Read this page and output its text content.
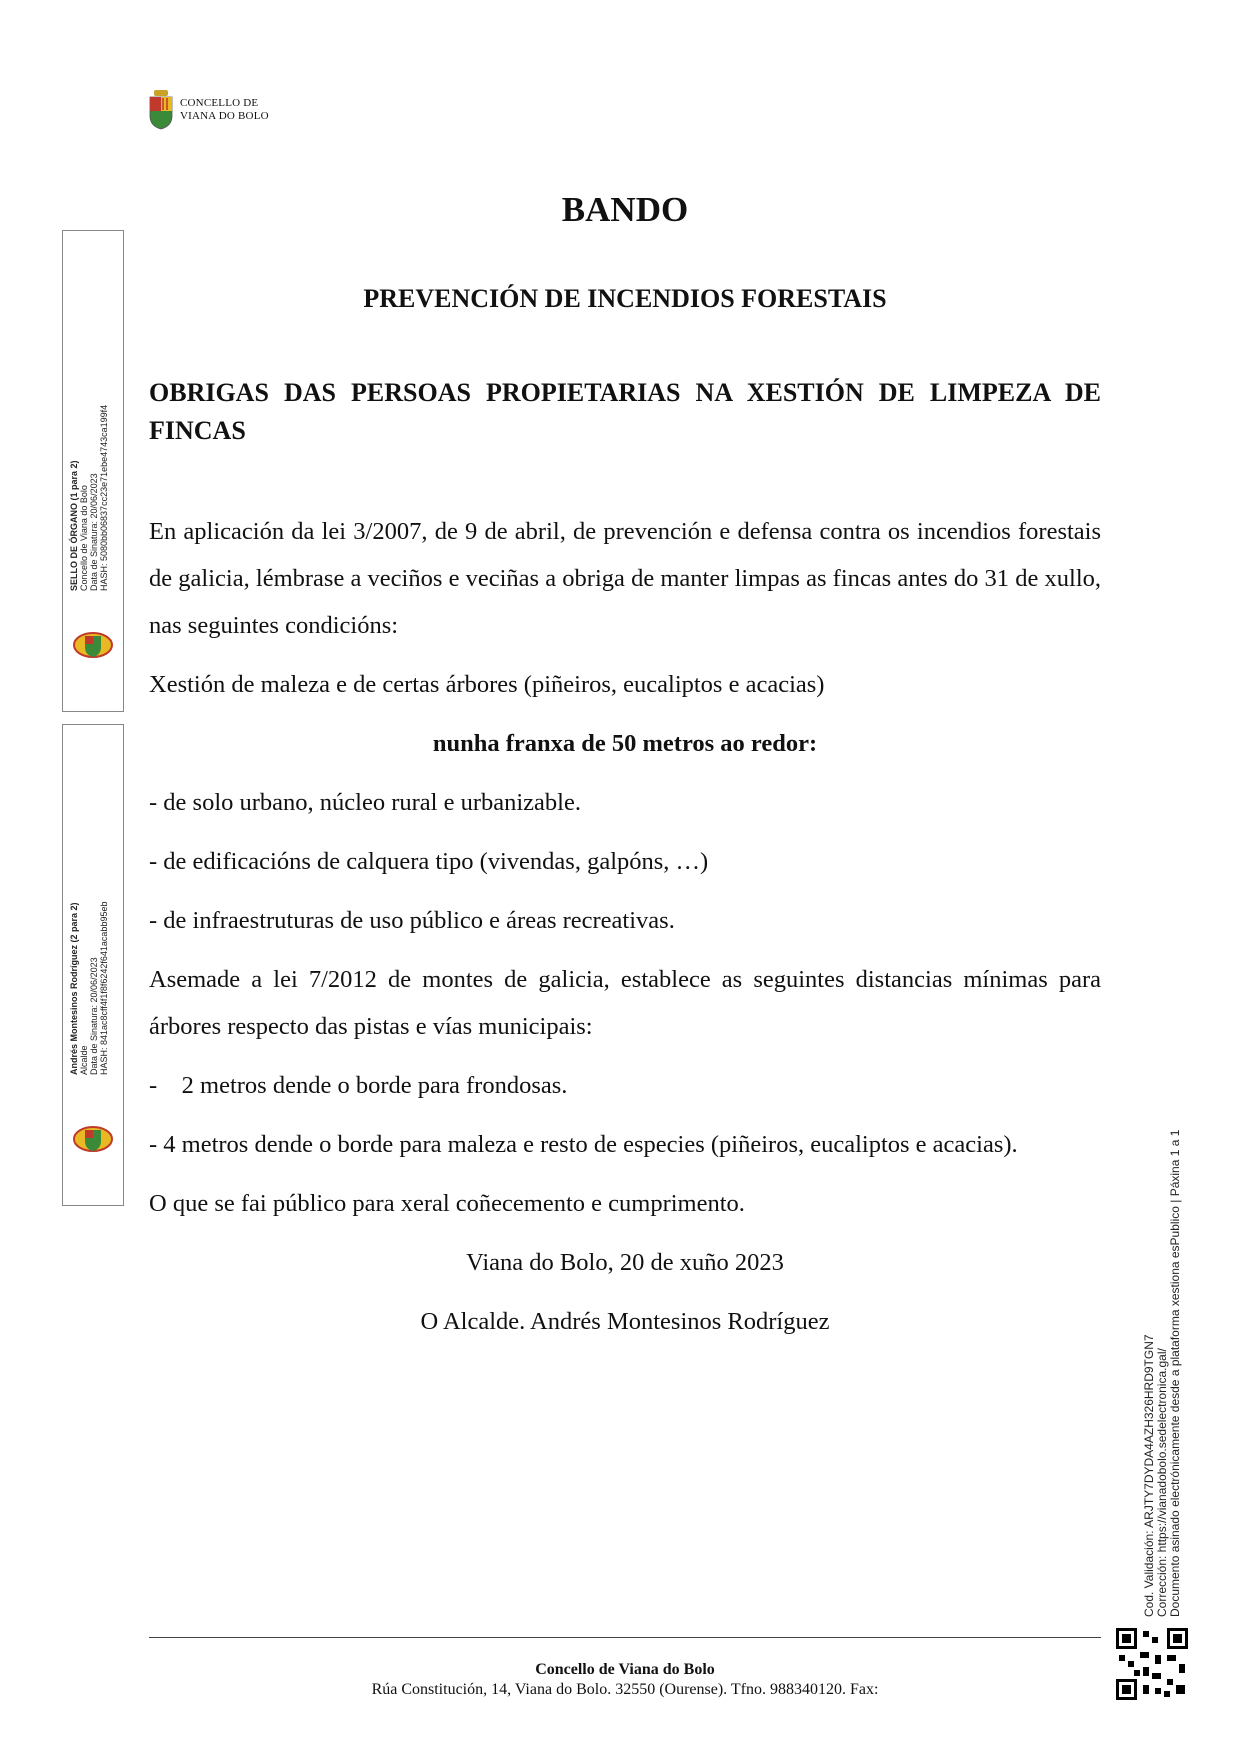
CONCELLO DE
VIANA DO BOLO
BANDO
PREVENCIÓN DE INCENDIOS FORESTAIS
OBRIGAS DAS PERSOAS PROPIETARIAS NA XESTIÓN DE LIMPEZA DE FINCAS

En aplicación da lei 3/2007, de 9 de abril, de prevención e defensa contra os incendios forestais de galicia, lémbrase a veciños e veciñas a obriga de manter limpas as fincas antes do 31 de xullo, nas seguintes condicións:

Xestión de maleza e de certas árbores (piñeiros, eucaliptos e acacias)

nunha franxa de 50 metros ao redor:

- de solo urbano, núcleo rural e urbanizable.

- de edificacións de calquera tipo (vivendas, galpóns, …)

- de infraestruturas de uso público e áreas recreativas.

Asemade a lei 7/2012 de montes de galicia, establece as seguintes distancias mínimas para árbores respecto das pistas e vías municipais:

-    2 metros dende o borde para frondosas.

- 4 metros dende o borde para maleza e resto de especies (piñeiros, eucaliptos e acacias).

O que se fai público para xeral coñecemento e cumprimento.

Viana do Bolo, 20 de xuño 2023

O Alcalde. Andrés Montesinos Rodríguez

SELLO DE ÓRGANO (1 para 2) Concello de Viana do Bolo Data de Sinatura: 20/06/2023 HASH: 5080bb06837cc23e71ebe4743ca199f4
Andrés Montesinos Rodríguez (2 para 2) Alcalde Data de Sinatura: 20/06/2023 HASH: 841ac8cff4f1f8f6242f641acabb95eb
Cod. Validación: ARJTY7DYDA4AZH326HRD9TGN7 Corrección: https://vianadobolo.sedelectronica.gal/ Documento asinado electrónicamente desde a plataforma xestiona esPublico | Páxina 1 a 1
Concello de Viana do Bolo
Rúa Constitución, 14, Viana do Bolo. 32550 (Ourense). Tfno. 988340120. Fax:
